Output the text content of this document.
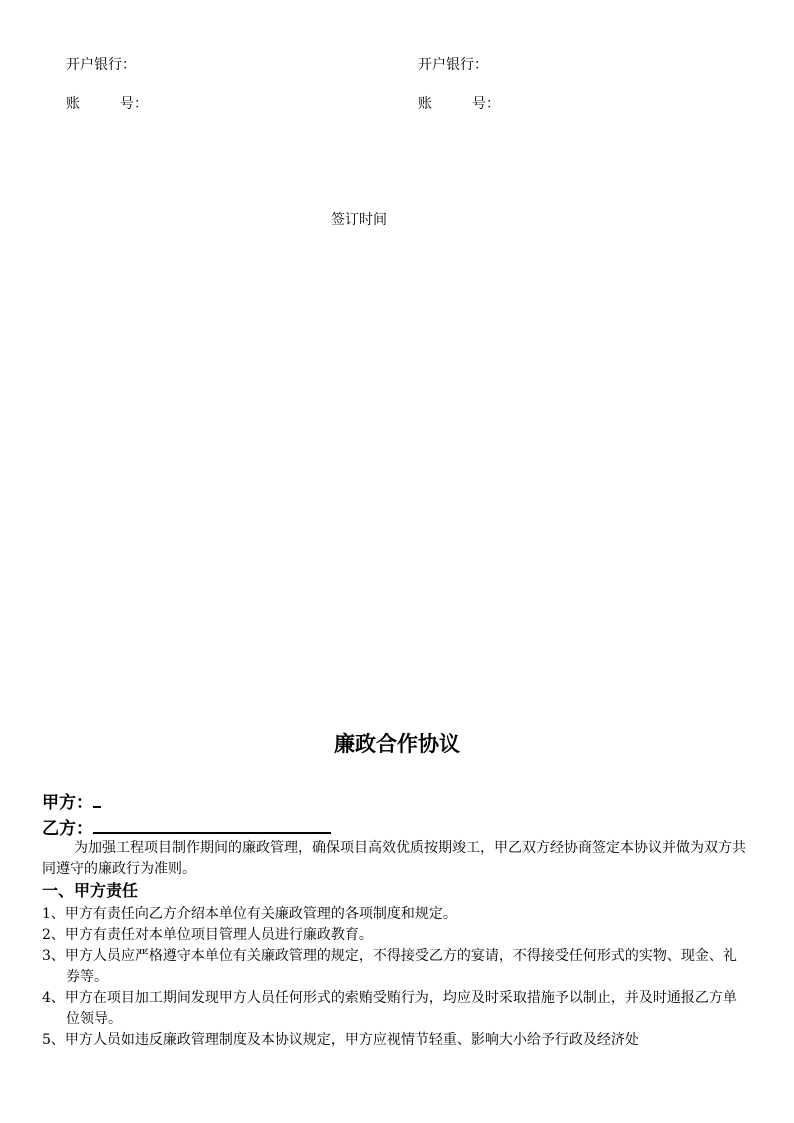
开户银行：	开户银行：
账	号：	账	号：
签订时间
廉政合作协议
甲方：
乙方：
为加强工程项目制作期间的廉政管理，确保项目高效优质按期竣工，甲乙双方经协商签定本协议并做为双方共同遵守的廉政行为准则。
一、甲方责任
1、甲方有责任向乙方介绍本单位有关廉政管理的各项制度和规定。
2、甲方有责任对本单位项目管理人员进行廉政教育。
3、甲方人员应严格遵守本单位有关廉政管理的规定，不得接受乙方的宴请，不得接受任何形式的实物、现金、礼券等。
4、甲方在项目加工期间发现甲方人员任何形式的索贿受贿行为，均应及时采取措施予以制止，并及时通报乙方单位领导。
5、甲方人员如违反廉政管理制度及本协议规定，甲方应视情节轻重、影响大小给予行政及经济处
